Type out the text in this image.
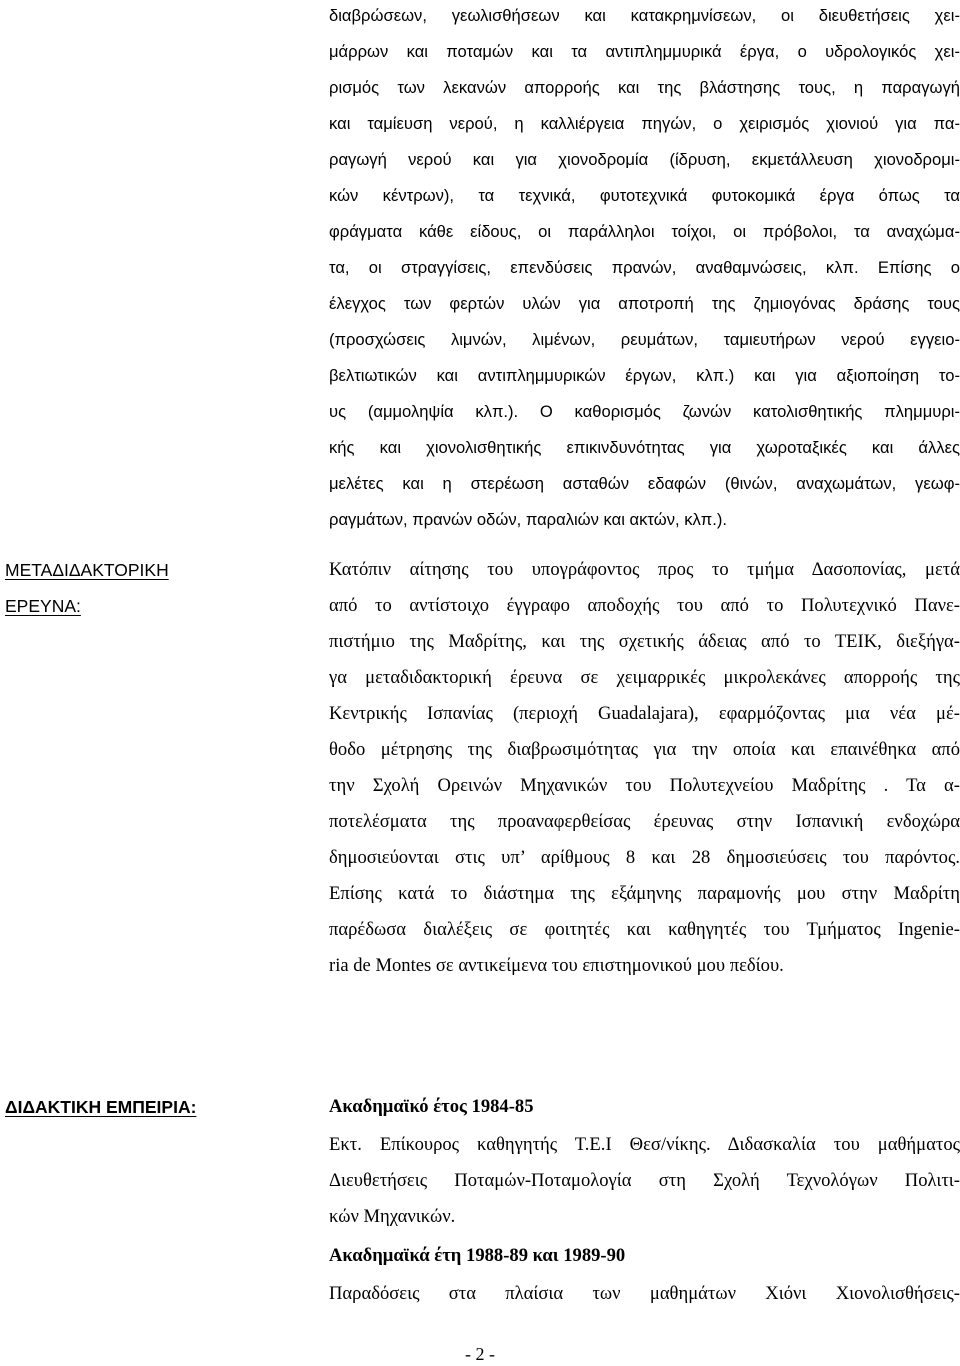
διαβρώσεων, γεωλισθήσεων και κατακρημνίσεων, οι διευθετήσεις χει-
μάρρων και ποταμών και τα αντιπλημμυρικά έργα, ο υδρολογικός χει-
ρισμός των λεκανών απορροής και της βλάστησης τους, η παραγωγή
και ταμίευση νερού, η καλλιέργεια πηγών, ο χειρισμός χιονιού για πα-
ραγωγή νερού και για χιονοδρομία (ίδρυση, εκμετάλλευση χιονοδρομι-
κών κέντρων), τα τεχνικά, φυτοτεχνικά φυτοκομικά έργα όπως τα
φράγματα κάθε είδους, οι παράλληλοι τοίχοι, οι πρόβολοι, τα αναχώμα-
τα, οι στραγγίσεις, επενδύσεις πρανών, αναθαμνώσεις, κλπ. Επίσης ο
έλεγχος των φερτών υλών για αποτροπή της ζημιογόνας δράσης τους
(προσχώσεις λιμνών, λιμένων, ρευμάτων, ταμιευτήρων νερού εγγειο-
βελτιωτικών και αντιπλημμυρικών έργων, κλπ.) και για αξιοποίηση το-
υς (αμμοληψία κλπ.). Ο καθορισμός ζωνών κατολισθητικής πλημμυρι-
κής και χιονολισθητικής επικινδυνότητας για χωροταξικές και άλλες
μελέτες και η στερέωση ασταθών εδαφών (θινών, αναχωμάτων, γεωφ-
ραγμάτων, πρανών οδών, παραλιών και ακτών, κλπ.).
ΜΕΤΑΔΙΔΑΚΤΟΡΙΚΗ
ΕΡΕΥΝΑ:
Κατόπιν αίτησης του υπογράφοντος προς το τμήμα Δασοπονίας, μετά
από το αντίστοιχο έγγραφο αποδοχής του από το Πολυτεχνικό Πανε-
πιστήμιο της Μαδρίτης, και της σχετικής άδειας από το ΤΕΙΚ, διεξήγα-
γα μεταδιδακτορική έρευνα σε χειμαρρικές μικρολεκάνες απορροής της
Κεντρικής Ισπανίας (περιοχή Guadalajara), εφαρμόζοντας μια νέα μέ-
θοδο μέτρησης της διαβρωσιμότητας για την οποία και επαινέθηκα από
την Σχολή Ορεινών Μηχανικών του Πολυτεχνείου Μαδρίτης . Τα α-
ποτελέσματα της προαναφερθείσας έρευνας στην Ισπανική ενδοχώρα
δημοσιεύονται στις υπ’ αρίθμους 8 και 28 δημοσιεύσεις του παρόντος.
Επίσης κατά το διάστημα της εξάμηνης παραμονής μου στην Μαδρίτη
παρέδωσα διαλέξεις σε φοιτητές και καθηγητές του Τμήματος Ingenie-
ria de Montes σε αντικείμενα του επιστημονικού μου πεδίου.
ΔΙΔΑΚΤΙΚΗ ΕΜΠΕΙΡΙΑ:	Ακαδημαϊκό έτος 1984-85
Εκτ. Επίκουρος καθηγητής Τ.Ε.Ι Θεσ/νίκης. Διδασκαλία του μαθήματος
Διευθετήσεις Ποταμών-Ποταμολογία στη Σχολή Τεχνολόγων Πολιτι-
κών Μηχανικών.
Ακαδημαϊκά έτη 1988-89 και 1989-90
Παραδόσεις στα πλαίσια των μαθημάτων Χιόνι Χιονολισθήσεις-
- 2 -
